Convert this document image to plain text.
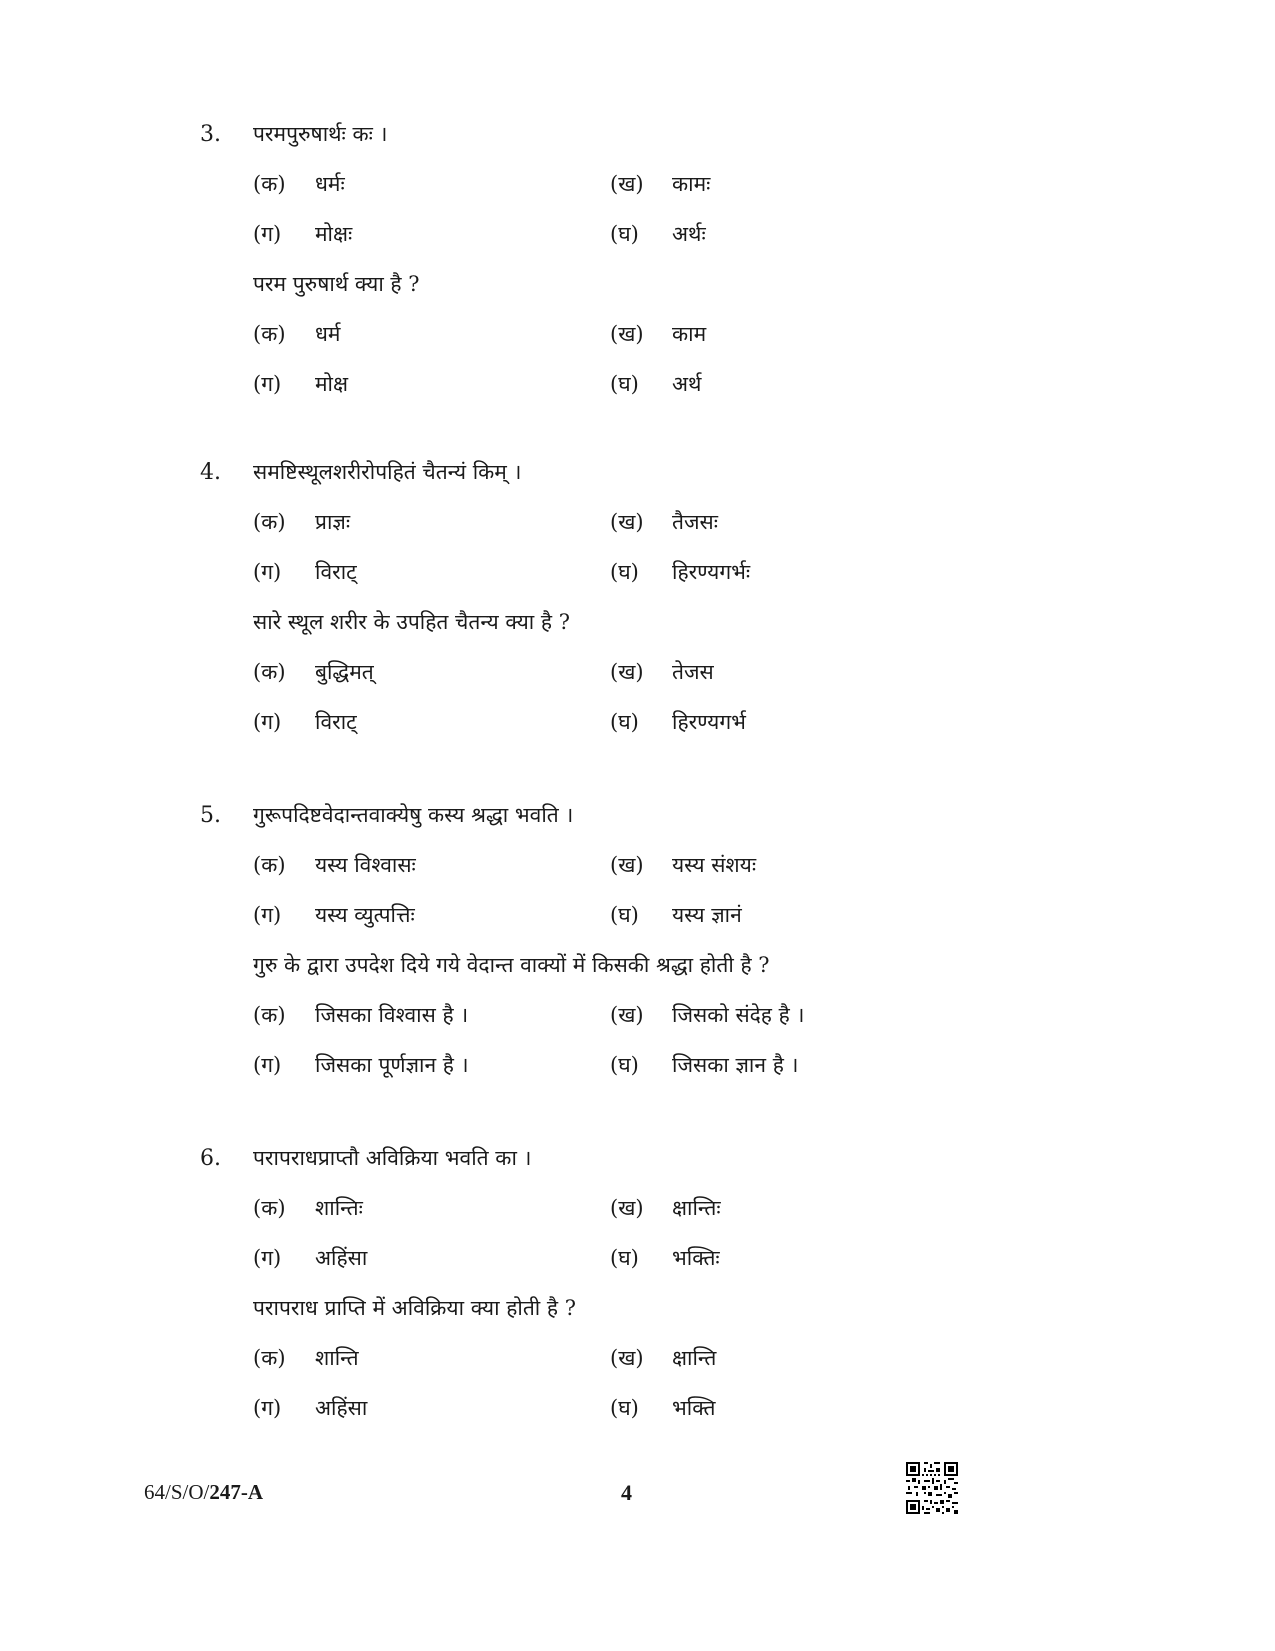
3. परमपुरुषार्थः कः ।
(क) धर्मः	(ख) कामः
(ग) मोक्षः	(घ) अर्थः
परम पुरुषार्थ क्या है ?
(क) धर्म	(ख) काम
(ग) मोक्ष	(घ) अर्थ
4. समष्टिस्थूलशरीरोपहितं चैतन्यं किम् ।
(क) प्राज्ञः	(ख) तैजसः
(ग) विराट्	(घ) हिरण्यगर्भः
सारे स्थूल शरीर के उपहित चैतन्य क्या है ?
(क) बुद्धिमत्	(ख) तेजस
(ग) विराट्	(घ) हिरण्यगर्भ
5. गुरूपदिष्टवेदान्तवाक्येषु कस्य श्रद्धा भवति ।
(क) यस्य विश्वासः	(ख) यस्य संशयः
(ग) यस्य व्युत्पत्तिः	(घ) यस्य ज्ञानं
गुरु के द्वारा उपदेश दिये गये वेदान्त वाक्यों में किसकी श्रद्धा होती है ?
(क) जिसका विश्वास है ।	(ख) जिसको संदेह है ।
(ग) जिसका पूर्णज्ञान है ।	(घ) जिसका ज्ञान है ।
6. परापराधप्राप्तौ अविक्रिया भवति का ।
(क) शान्तिः	(ख) क्षान्तिः
(ग) अहिंसा	(घ) भक्तिः
परापराध प्राप्ति में अविक्रिया क्या होती है ?
(क) शान्ति	(ख) क्षान्ति
(ग) अहिंसा	(घ) भक्ति
64/S/O/247-A	4
